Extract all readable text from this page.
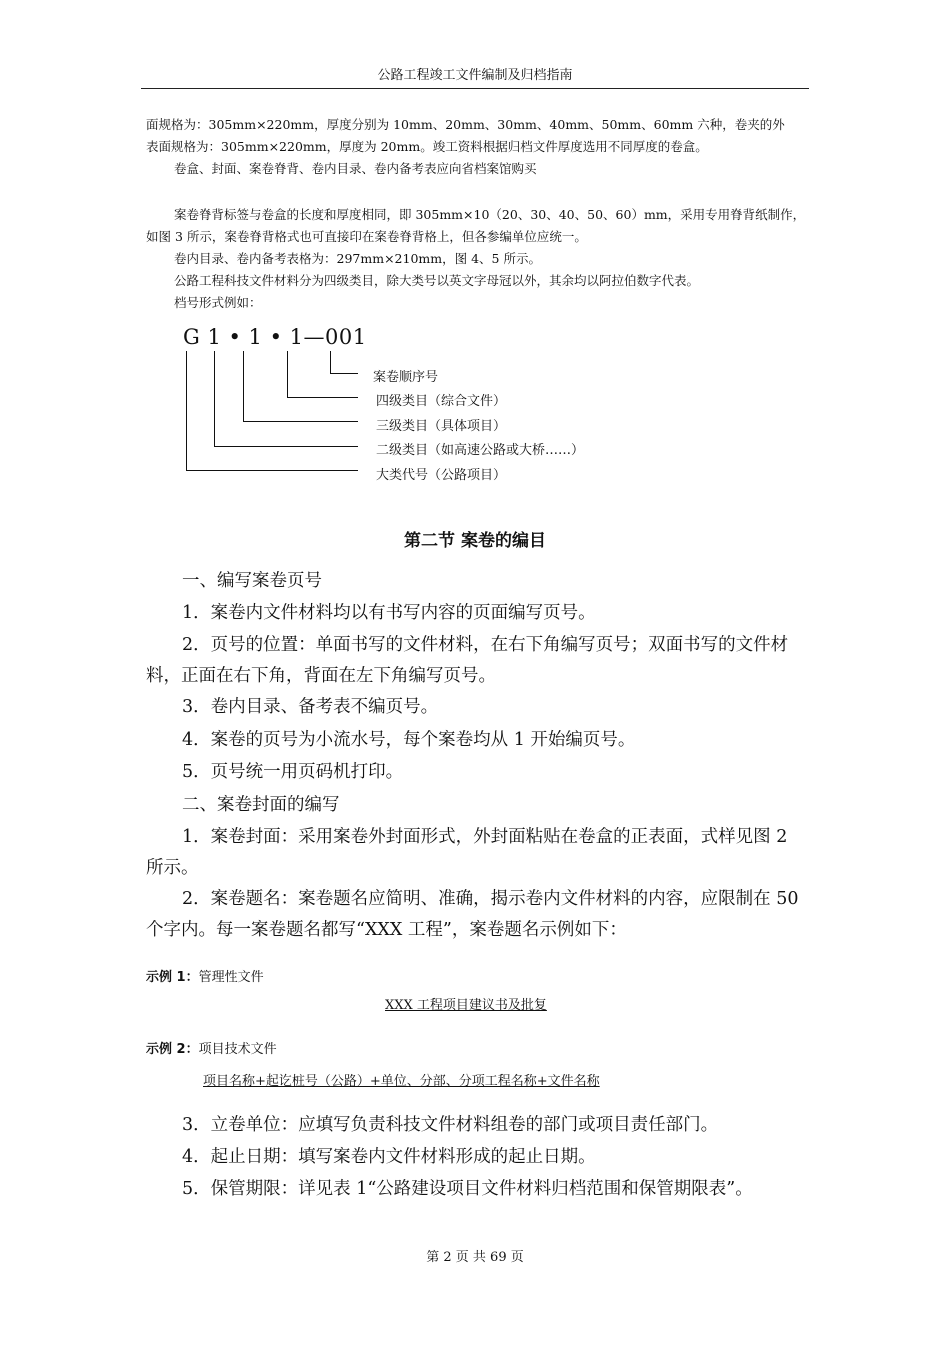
公路工程竣工文件编制及归档指南
面规格为：305mm×220mm，厚度分别为 10mm、20mm、30mm、40mm、50mm、60mm 六种，卷夹的外
表面规格为：305mm×220mm，厚度为 20mm。竣工资料根据归档文件厚度选用不同厚度的卷盒。
卷盒、封面、案卷脊背、卷内目录、卷内备考表应向省档案馆购买
案卷脊背标签与卷盒的长度和厚度相同，即 305mm×10（20、30、40、50、60）mm，采用专用脊背纸制作，如图 3 所示，案卷脊背格式也可直接印在案卷脊背格上，但各参编单位应统一。
卷内目录、卷内备考表格为：297mm×210mm，图 4、5 所示。
公路工程科技文件材料分为四级类目，除大类号以英文字母冠以外，其余均以阿拉伯数字代表。
档号形式例如：
G 1 • 1 • 1—001
案卷顺序号
四级类目（综合文件）
三级类目（具体项目）
二级类目（如高速公路或大桥……）
大类代号（公路项目）
第二节 案卷的编目
一、编写案卷页号
1．案卷内文件材料均以有书写内容的页面编写页号。
2．页号的位置：单面书写的文件材料，在右下角编写页号；双面书写的文件材料，正面在右下角，背面在左下角编写页号。
3．卷内目录、备考表不编页号。
4．案卷的页号为小流水号，每个案卷均从 1 开始编页号。
5．页号统一用页码机打印。
二、案卷封面的编写
1．案卷封面：采用案卷外封面形式，外封面粘贴在卷盒的正表面，式样见图 2 所示。
2．案卷题名：案卷题名应简明、准确，揭示卷内文件材料的内容，应限制在 50 个字内。每一案卷题名都写“XXX 工程”，案卷题名示例如下：
示例 1：管理性文件
XXX 工程项目建议书及批复
示例 2：项目技术文件
项目名称+起讫桩号（公路）+单位、分部、分项工程名称+文件名称
3．立卷单位：应填写负责科技文件材料组卷的部门或项目责任部门。
4．起止日期：填写案卷内文件材料形成的起止日期。
5．保管期限：详见表 1“公路建设项目文件材料归档范围和保管期限表”。
第 2 页 共 69 页
